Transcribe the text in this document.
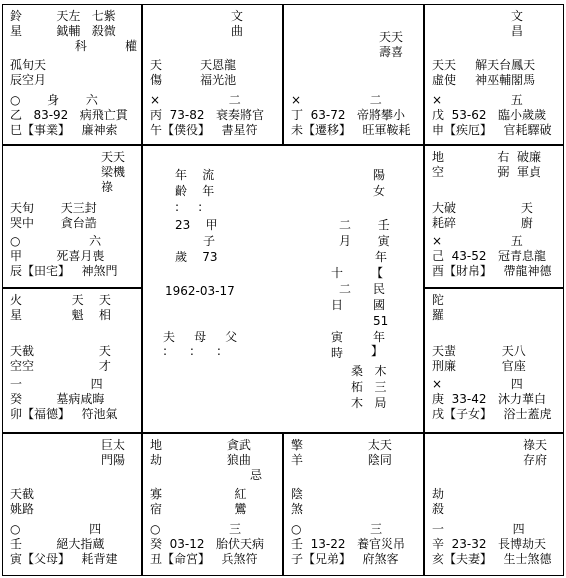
鈴         天左   七紫
星         鉞輔   殺微
科          權
孤旬天
辰空月
○       身       六
乙   83-92   病飛亡貫
巳【事業】   廉神索
文
曲
天          天恩龍
傷          福光池
×                  二
丙  73-82   衰奏將官
午【僕役】   書星符
天天
壽喜
×                  二
丁  63-72   帝將攀小
未【遷移】   旺軍鞍耗
文
昌
天天     解天台鳳天
虛使     神巫輔閣馬
×                  五
戊  53-62   臨小歲歲
申【疾厄】   官耗驛破
天天
梁機
祿
天旬       天三封
哭中       貪台誥
○                  六
甲         死喜月喪
辰【田宅】   神煞門
年    流
齡    年
:     :
23    甲
子
歲    73
1962-03-17
夫     母     父
:      :      :
陽
女
二       壬
月       寅
年
十
二
日
【
民
國
51
年
】
寅
時
桑   木
柘   三
木   局
地              右  破廉
空              弼  軍貞
大破                 天
耗碎                 廚
×                  五
己  43-52   冠青息龍
酉【財帛】   帶龍神德
火             天    天
星             魁    相
天截                 天
空空                 才
一                  四
癸         墓病咸晦
卯【福德】   符池氣
陀
羅
天蜚            天八
刑廉            官座
×                  四
庚  33-42   沐力華白
戌【子女】   浴士蓋虎
巨太
門陽
天截
姚路
○                  四
壬         絕大指蔵
寅【父母】   耗背建
地                 貪武
劫                 狼曲
忌
寡                   紅
宿                   鸞
○                  三
癸  03-12   胎伏天病
丑【命宮】   兵煞符
擎                 太天
羊                 陰同
陰
煞
○                  三
壬  13-22   養官災吊
子【兄弟】   府煞客
祿天
存府
劫
殺
一                  四
辛  23-32   長博劫天
亥【夫妻】   生士煞德
